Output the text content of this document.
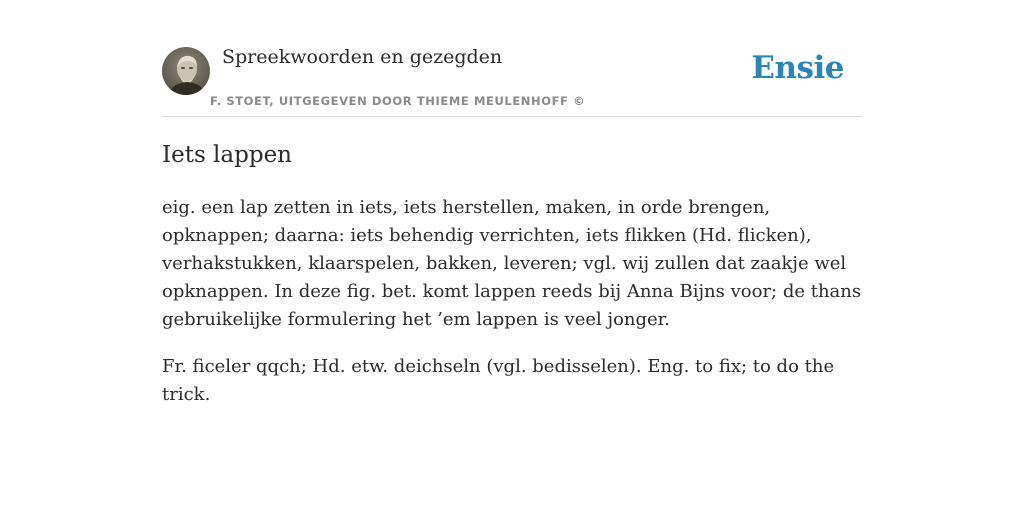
Spreekwoorden en gezegden
F. STOET, UITGEGEVEN DOOR THIEME MEULENHOFF ©
Ensie
Iets lappen

eig. een lap zetten in iets, iets herstellen, maken, in orde brengen, opknappen; daarna: iets behendig verrichten, iets flikken (Hd. flicken), verhakstukken, klaarspelen, bakken, leveren; vgl. wij zullen dat zaakje wel opknappen. In deze fig. bet. komt lappen reeds bij Anna Bijns voor; de thans gebruikelijke formulering het ’em lappen is veel jonger.

Fr. ficeler qqch; Hd. etw. deichseln (vgl. bedisselen). Eng. to fix; to do the trick.
